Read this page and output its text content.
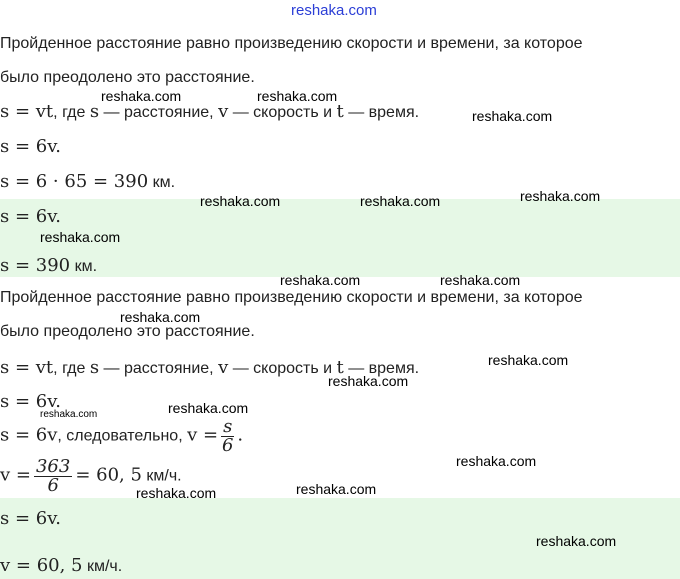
Пройденное расстояние равно произведению скорости и времени, за которое
было преодолено это расстояние.
s = vt, где s — расстояние, v — скорость и t — время.
s = 6v.
s = 6 · 65 = 390 км.
s = 6v.
s = 390 км.
Пройденное расстояние равно произведению скорости и времени, за которое
было преодолено это расстояние.
s = vt, где s — расстояние, v — скорость и t — время.
s = 6v.
s = 6v, следовательно, $v = \frac{s}{6}$ .
$v = \frac{363}{6} = 60$, 5 км/ч.
s = 6v.
v = 60, 5 км/ч.
reshaka.com
reshaka.com	reshaka.com
reshaka.com
reshaka.com
reshaka.com	reshaka.com
reshaka.com
reshaka.com	reshaka.com
reshaka.com
reshaka.com
reshaka.com
reshaka.com
reshaka.com
reshaka.com
reshaka.com	reshaka.com
reshaka.com
